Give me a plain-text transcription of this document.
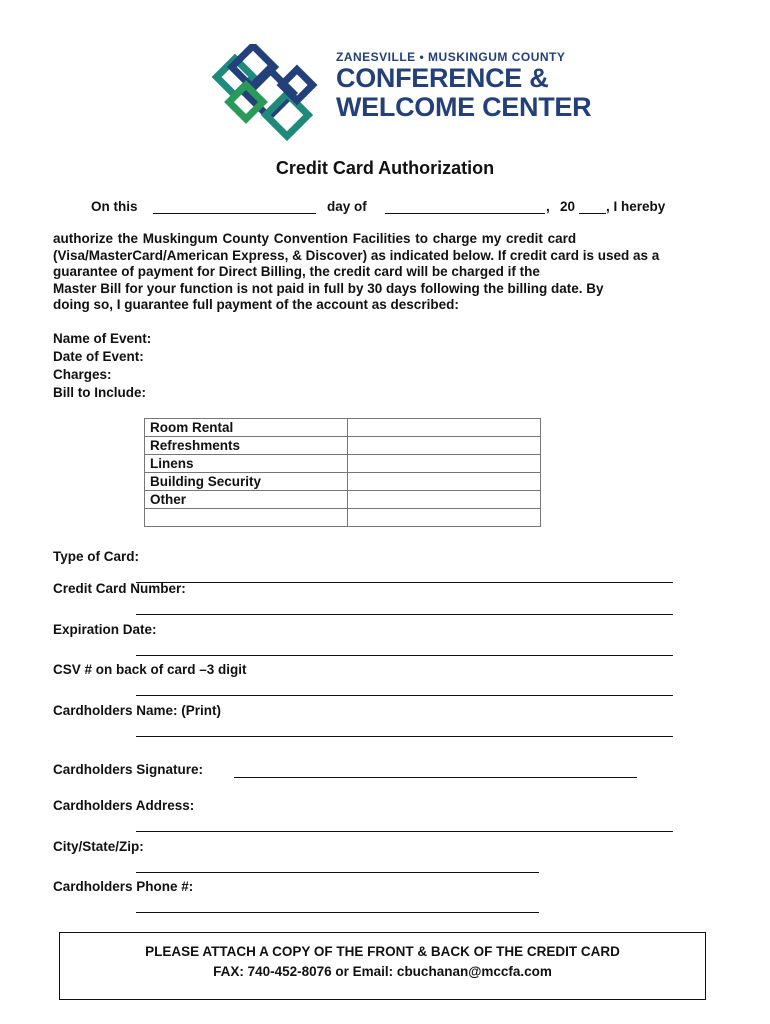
ZANESVILLE • MUSKINGUM COUNTY
CONFERENCE &
WELCOME CENTER
Credit Card Authorization
On this	day of	, 20 , I hereby
authorize the Muskingum County Convention Facilities to charge my credit card
(Visa/MasterCard/American Express, & Discover) as indicated below. If credit card is used as a
guarantee of payment for Direct Billing, the credit card will be charged if the
Master Bill for your function is not paid in full by 30 days following the billing date. By
doing so, I guarantee full payment of the account as described:
Name of Event:
Date of Event:
Charges:
Bill to Include:
Room Rental	
Refreshments	
Linens	
Building Security	
Other	

Type of Card:
Credit Card Number:
Expiration Date:
CSV # on back of card –3 digit
Cardholders Name: (Print)
Cardholders Signature:
Cardholders Address:
City/State/Zip:
Cardholders Phone #:
PLEASE ATTACH A COPY OF THE FRONT & BACK OF THE CREDIT CARD
FAX: 740-452-8076 or Email: cbuchanan@mccfa.com
